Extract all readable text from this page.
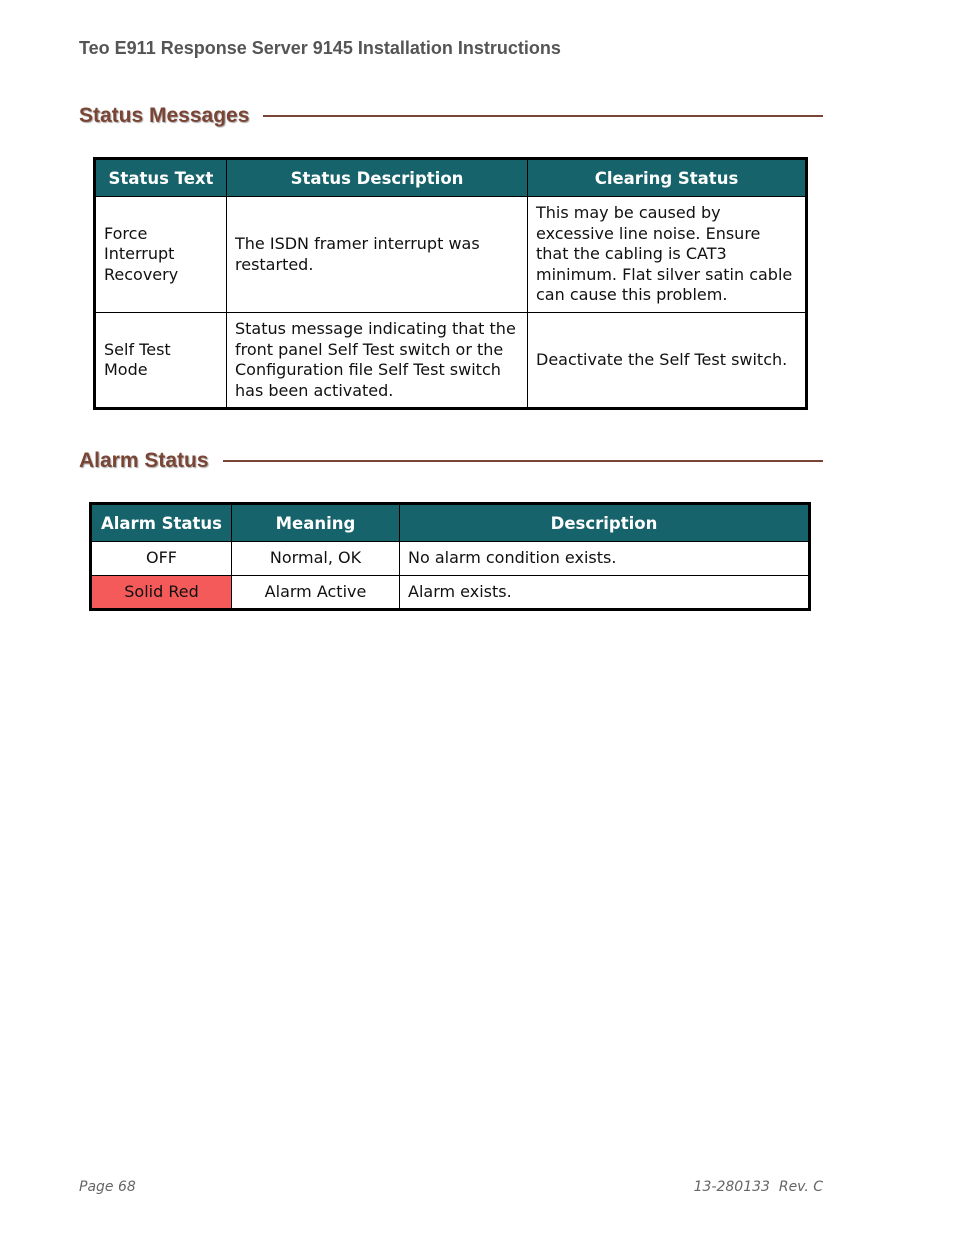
Teo E911 Response Server 9145 Installation Instructions
Status Messages
Status Text	Status Description	Clearing Status
Force Interrupt Recovery	The ISDN framer interrupt was restarted.	This may be caused by excessive line noise. Ensure that the cabling is CAT3 minimum. Flat silver satin cable can cause this problem.
Self Test Mode	Status message indicating that the front panel Self Test switch or the Configuration file Self Test switch has been activated.	Deactivate the Self Test switch.
Alarm Status
Alarm Status	Meaning	Description
OFF	Normal, OK	No alarm condition exists.
Solid Red	Alarm Active	Alarm exists.
Page 68	13-280133  Rev. C
